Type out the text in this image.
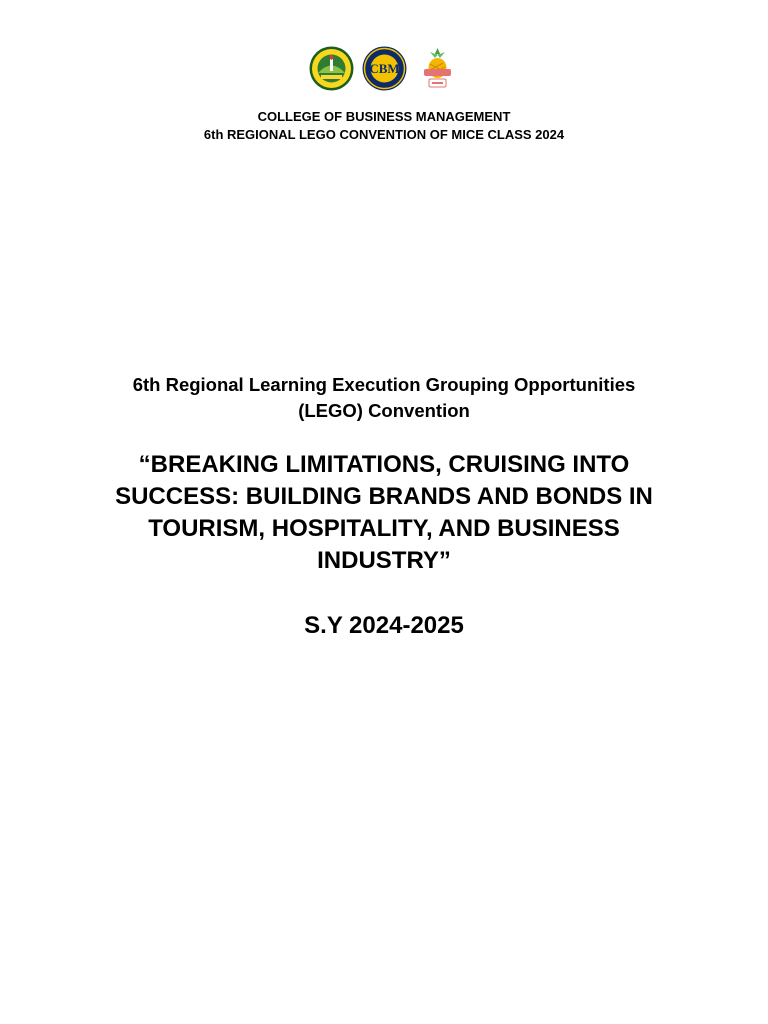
CBM
COLLEGE OF BUSINESS MANAGEMENT
6th REGIONAL LEGO CONVENTION OF MICE CLASS 2024
6th Regional Learning Execution Grouping Opportunities
(LEGO) Convention
“BREAKING LIMITATIONS, CRUISING INTO
SUCCESS: BUILDING BRANDS AND BONDS IN
TOURISM, HOSPITALITY, AND BUSINESS
INDUSTRY”
S.Y 2024-2025
